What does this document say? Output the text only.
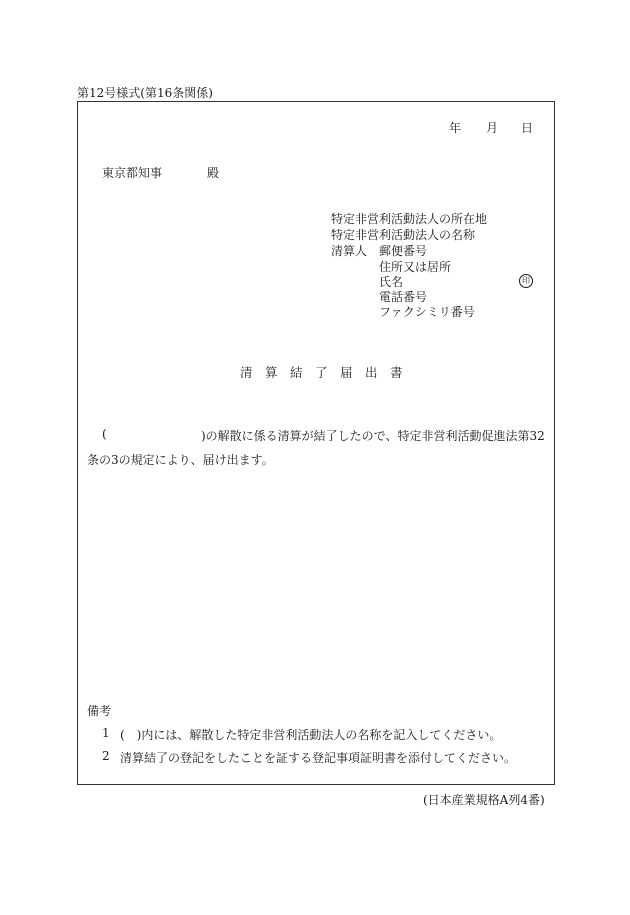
第12号様式(第16条関係)
年 月 日
東京都知事	殿
特定非営利活動法人の所在地
特定非営利活動法人の名称
清算人 郵便番号
住所又は居所
氏名	印
電話番号
ファクシミリ番号
清　算　結　了　届　出　書
(	)の解散に係る清算が結了したので、特定非営利活動促進法第32
条の3の規定により、届け出ます。
備考
1 (　)内には、解散した特定非営利活動法人の名称を記入してください。
2 清算結了の登記をしたことを証する登記事項証明書を添付してください。
(日本産業規格A列4番)
